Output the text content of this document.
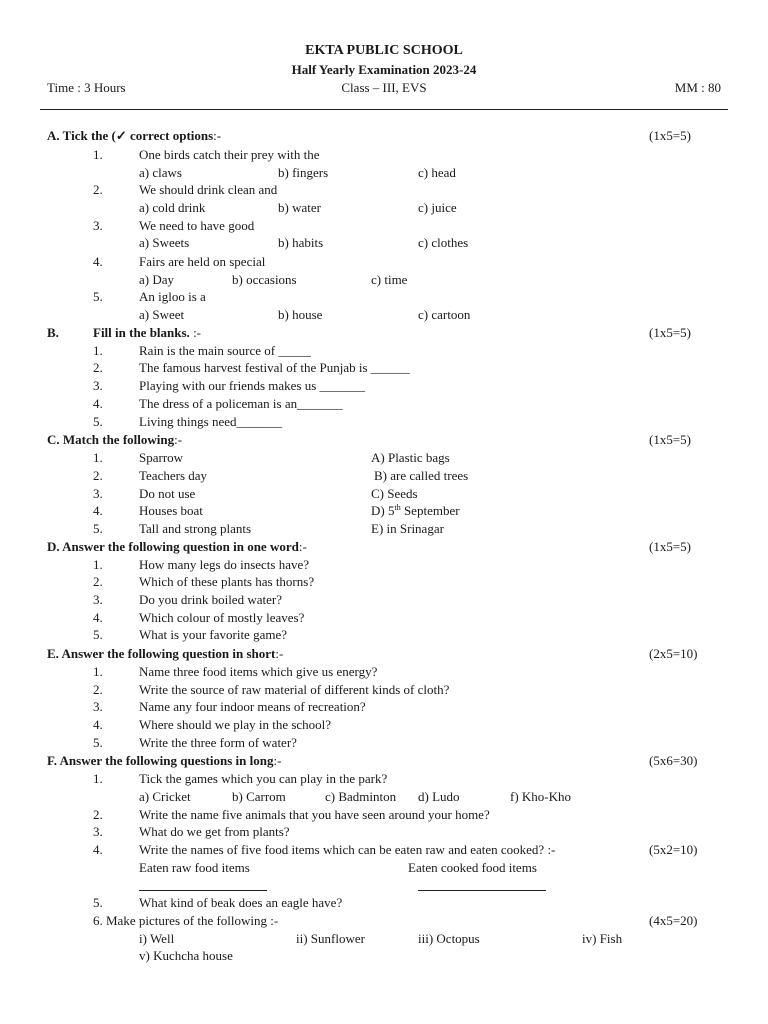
EKTA PUBLIC SCHOOL
Half Yearly Examination 2023-24
Time : 3 Hours	Class – III, EVS	MM : 80
A. Tick the (✓ correct options:-	(1x5=5)
1.	One birds catch their prey with the
a) claws	b) fingers	c) head
2.	We should drink clean and
a) cold drink	b) water	c) juice
3.	We need to have good
a) Sweets	b) habits	c) clothes
4.	Fairs are held on special
a) Day	b) occasions	c) time
5.	An igloo is a
a) Sweet	b) house	c) cartoon
B.	Fill in the blanks. :-	(1x5=5)
1.	Rain is the main source of _____
2.	The famous harvest festival of the Punjab is ______
3.	Playing with our friends makes us _______
4.	The dress of a policeman is an_______
5.	Living things need_______
C. Match the following:-	(1x5=5)
1.	Sparrow	A) Plastic bags
2.	Teachers day	B) are called trees
3.	Do not use	C) Seeds
4.	Houses boat	D) 5th September
5.	Tall and strong plants	E) in Srinagar
D. Answer the following question in one word:-	(1x5=5)
1.	How many legs do insects have?
2.	Which of these plants has thorns?
3.	Do you drink boiled water?
4.	Which colour of mostly leaves?
5.	What is your favorite game?
E. Answer the following question in short:-	(2x5=10)
1.	Name three food items which give us energy?
2.	Write the source of raw material of different kinds of cloth?
3.	Name any four indoor means of recreation?
4.	Where should we play in the school?
5.	Write the three form of water?
F. Answer the following questions in long:-	(5x6=30)
1.	Tick the games which you can play in the park?
a) Cricket	b) Carrom	c) Badminton d) Ludo	f) Kho-Kho
2.	Write the name five animals that you have seen around your home?
3.	What do we get from plants?
4.	Write the names of five food items which can be eaten raw and eaten cooked? :-	(5x2=10)
Eaten raw food items	Eaten cooked food items
5.	What kind of beak does an eagle have?
6. Make pictures of the following :-	(4x5=20)
i) Well	ii) Sunflower	iii) Octopus	iv) Fish
v) Kuchcha house
